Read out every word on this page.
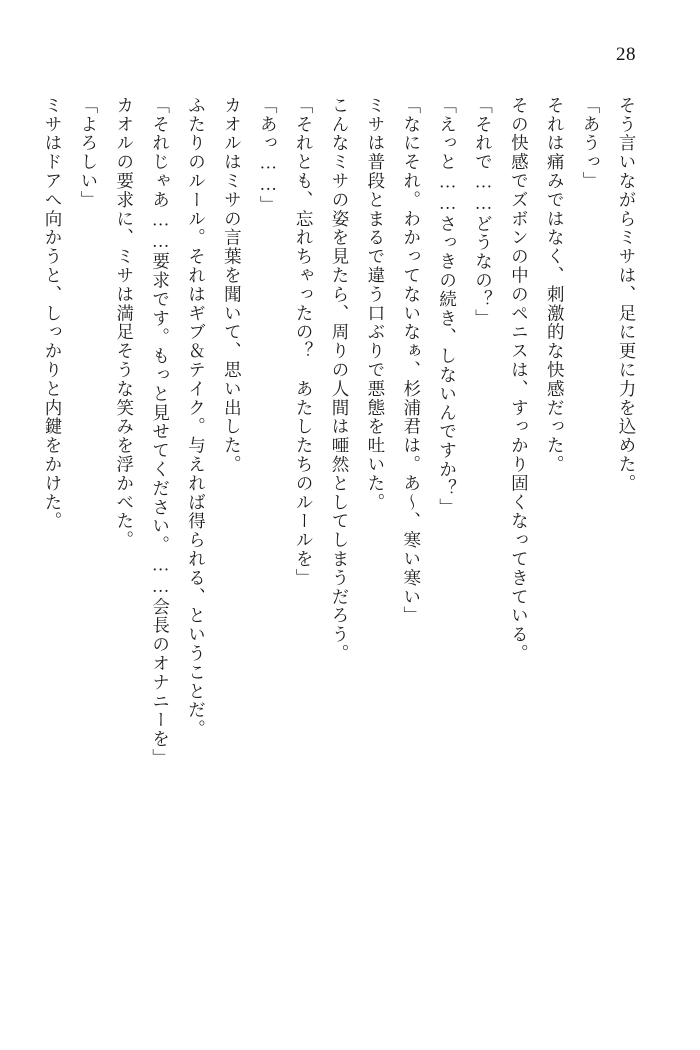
28

そう言いながらミサは、足に更に力を込めた。

「あうっ」

それは痛みではなく、刺激的な快感だった。

その快感でズボンの中のペニスは、すっかり固くなってきている。

「それで……どうなの？」

「えっと……さっきの続き、しないんですか？」

「なにそれ。わかってないなぁ、杉浦君は。あ～、寒い寒い」

ミサは普段とまるで違う口ぶりで悪態を吐いた。

こんなミサの姿を見たら、周りの人間は唖然としてしまうだろう。

「それとも、忘れちゃったの？　あたしたちのルールを」

「あっ……」

カオルはミサの言葉を聞いて、思い出した。

ふたりのルール。それはギブ＆テイク。与えれば得られる、ということだ。

「それじゃあ……要求です。もっと見せてください。……会長のオナニーを」

カオルの要求に、ミサは満足そうな笑みを浮かべた。

「よろしい」

ミサはドアへ向かうと、しっかりと内鍵をかけた。
